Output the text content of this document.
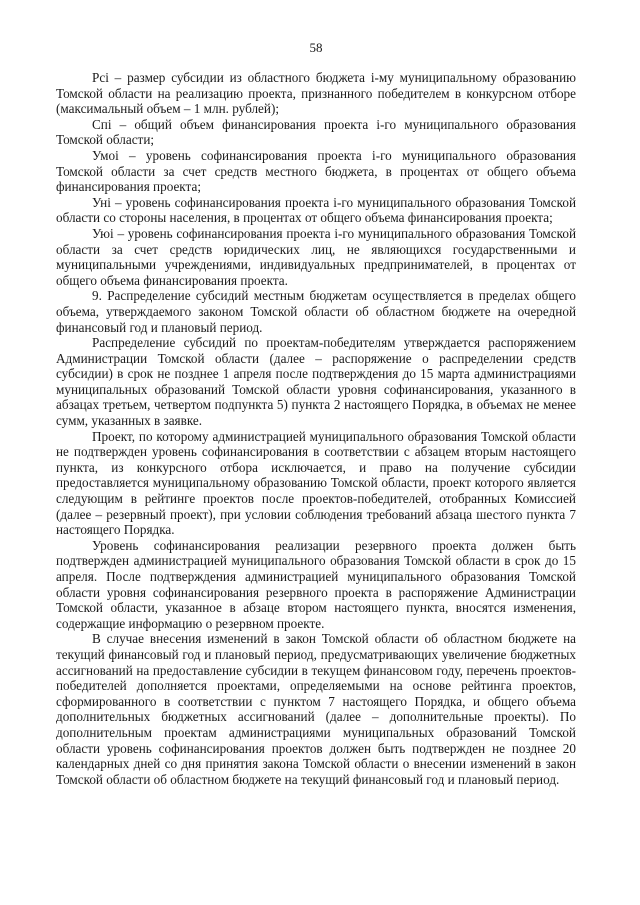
58

Pci – размер субсидии из областного бюджета i-му муниципальному образованию Томской области на реализацию проекта, признанного победителем в конкурсном отборе (максимальный объем – 1 млн. рублей);

Cпi – общий объем финансирования проекта i-го муниципального образования Томской области;

Умоi – уровень софинансирования проекта i-го муниципального образования Томской области за счет средств местного бюджета, в процентах от общего объема финансирования проекта;

Унi – уровень софинансирования проекта i-го муниципального образования Томской области со стороны населения, в процентах от общего объема финансирования проекта;

Уюi – уровень софинансирования проекта i-го муниципального образования Томской области за счет средств юридических лиц, не являющихся государственными и муниципальными учреждениями, индивидуальных предпринимателей, в процентах от общего объема финансирования проекта.

9. Распределение субсидий местным бюджетам осуществляется в пределах общего объема, утверждаемого законом Томской области об областном бюджете на очередной финансовый год и плановый период.

Распределение субсидий по проектам-победителям утверждается распоряжением Администрации Томской области (далее – распоряжение о распределении средств субсидии) в срок не позднее 1 апреля после подтверждения до 15 марта администрациями муниципальных образований Томской области уровня софинансирования, указанного в абзацах третьем, четвертом подпункта 5) пункта 2 настоящего Порядка, в объемах не менее сумм, указанных в заявке.

Проект, по которому администрацией муниципального образования Томской области не подтвержден уровень софинансирования в соответствии с абзацем вторым настоящего пункта, из конкурсного отбора исключается, и право на получение субсидии предоставляется муниципальному образованию Томской области, проект которого является следующим в рейтинге проектов после проектов-победителей, отобранных Комиссией (далее – резервный проект), при условии соблюдения требований абзаца шестого пункта 7 настоящего Порядка.

Уровень софинансирования реализации резервного проекта должен быть подтвержден администрацией муниципального образования Томской области в срок до 15 апреля. После подтверждения администрацией муниципального образования Томской области уровня софинансирования резервного проекта в распоряжение Администрации Томской области, указанное в абзаце втором настоящего пункта, вносятся изменения, содержащие информацию о резервном проекте.

В случае внесения изменений в закон Томской области об областном бюджете на текущий финансовый год и плановый период, предусматривающих увеличение бюджетных ассигнований на предоставление субсидии в текущем финансовом году, перечень проектов-победителей дополняется проектами, определяемыми на основе рейтинга проектов, сформированного в соответствии с пунктом 7 настоящего Порядка, и общего объема дополнительных бюджетных ассигнований (далее – дополнительные проекты). По дополнительным проектам администрациями муниципальных образований Томской области уровень софинансирования проектов должен быть подтвержден не позднее 20 календарных дней со дня принятия закона Томской области о внесении изменений в закон Томской области об областном бюджете на текущий финансовый год и плановый период.
